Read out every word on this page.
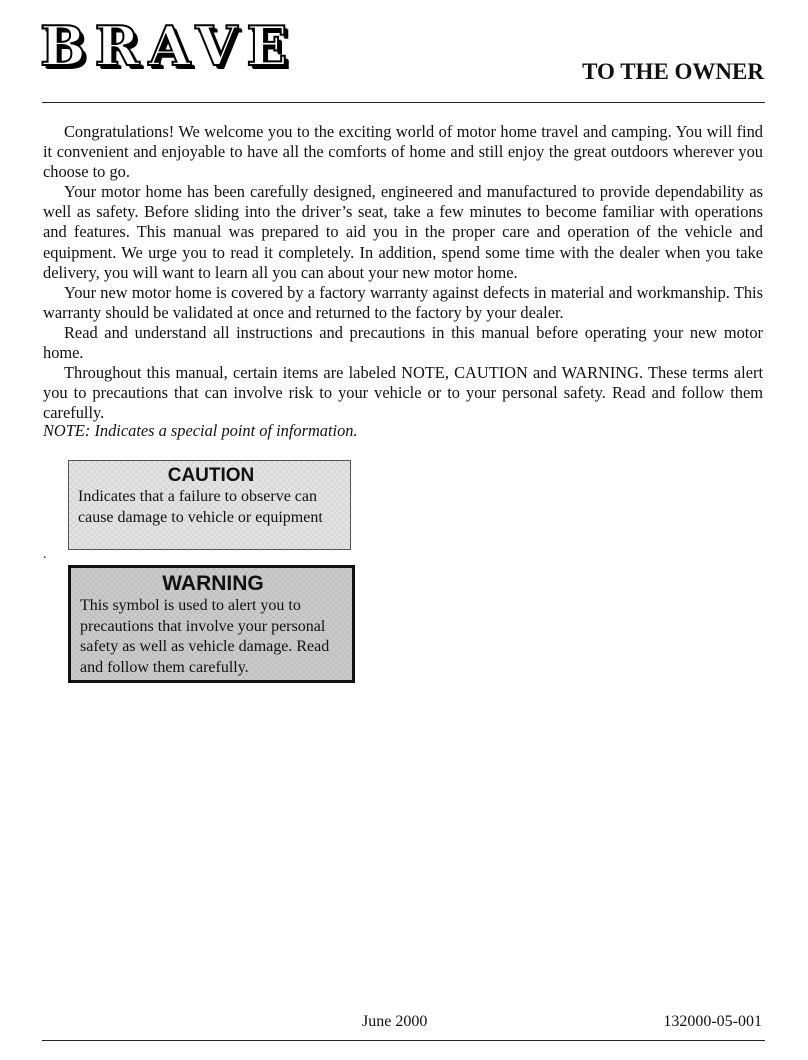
BRAVE	TO THE OWNER

Congratulations! We welcome you to the exciting world of motor home travel and camping. You will find it convenient and enjoyable to have all the comforts of home and still enjoy the great outdoors wherever you choose to go.

Your motor home has been carefully designed, engineered and manufactured to provide dependability as well as safety. Before sliding into the driver’s seat, take a few minutes to become familiar with operations and features. This manual was prepared to aid you in the proper care and operation of the vehicle and equipment. We urge you to read it completely. In addition, spend some time with the dealer when you take delivery, you will want to learn all you can about your new motor home.

Your new motor home is covered by a factory warranty against defects in material and workmanship. This warranty should be validated at once and returned to the factory by your dealer.

Read and understand all instructions and precautions in this manual before operating your new motor home.

Throughout this manual, certain items are labeled NOTE, CAUTION and WARNING. These terms alert you to precautions that can involve risk to your vehicle or to your personal safety. Read and follow them carefully.

NOTE: Indicates a special point of information.
CAUTION

Indicates that a failure to observe can cause damage to vehicle or equipment

.
WARNING

This symbol is used to alert you to precautions that involve your personal safety as well as vehicle damage. Read and follow them carefully.

June 2000	132000-05-001
